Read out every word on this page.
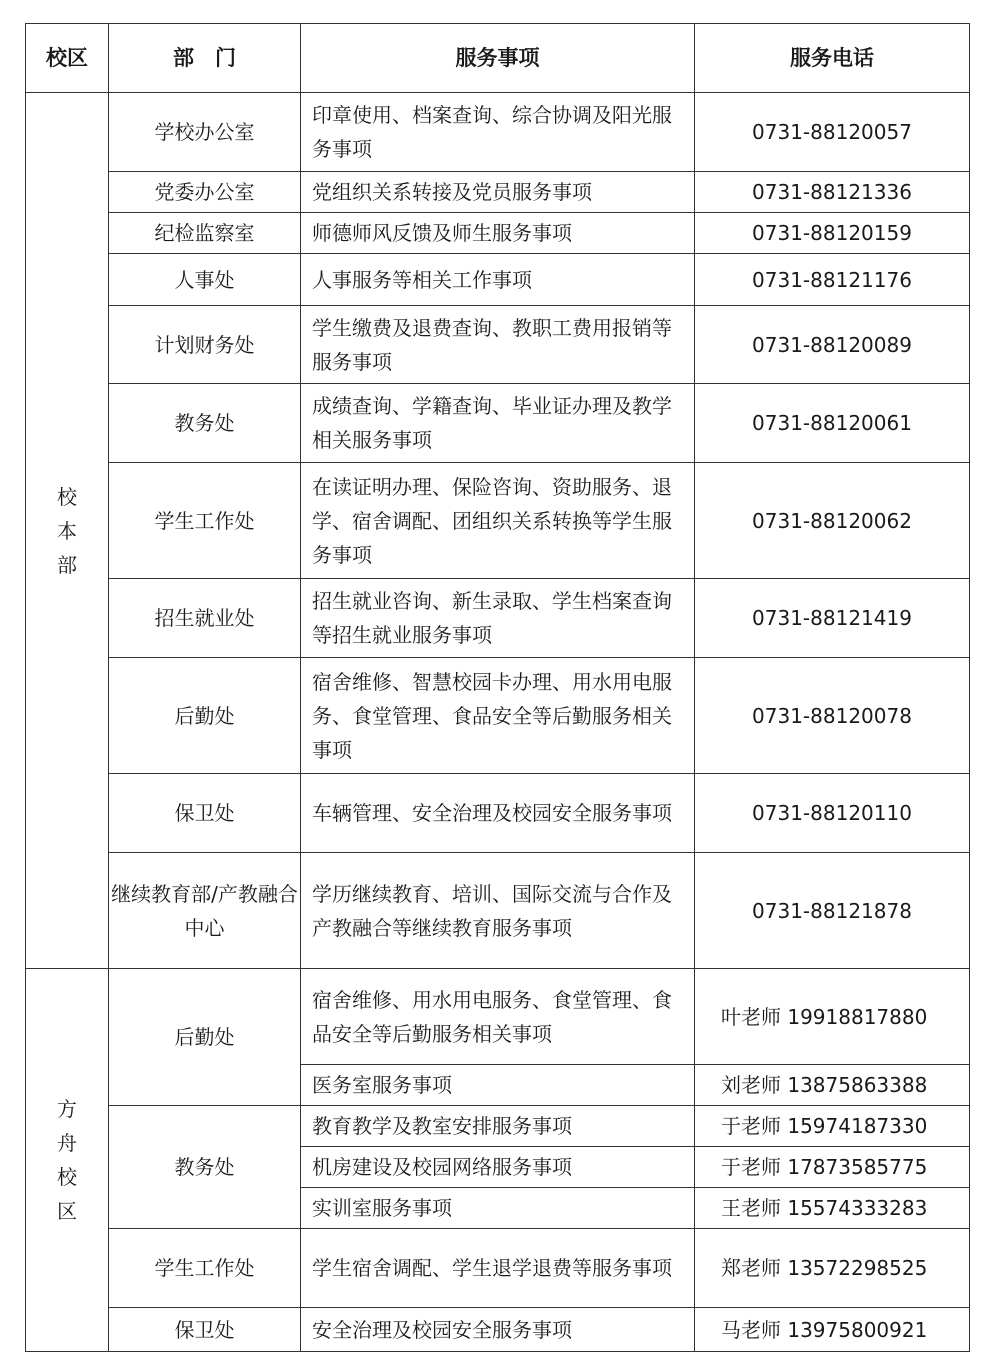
校区	部　门	服务事项	服务电话
校本部	学校办公室	印章使用、档案查询、综合协调及阳光服务事项	0731-88120057
	党委办公室	党组织关系转接及党员服务事项	0731-88121336
	纪检监察室	师德师风反馈及师生服务事项	0731-88120159
	人事处	人事服务等相关工作事项	0731-88121176
	计划财务处	学生缴费及退费查询、教职工费用报销等服务事项	0731-88120089
	教务处	成绩查询、学籍查询、毕业证办理及教学相关服务事项	0731-88120061
	学生工作处	在读证明办理、保险咨询、资助服务、退学、宿舍调配、团组织关系转换等学生服务事项	0731-88120062
	招生就业处	招生就业咨询、新生录取、学生档案查询等招生就业服务事项	0731-88121419
	后勤处	宿舍维修、智慧校园卡办理、用水用电服务、食堂管理、食品安全等后勤服务相关事项	0731-88120078
	保卫处	车辆管理、安全治理及校园安全服务事项	0731-88120110
	继续教育部/产教融合中心	学历继续教育、培训、国际交流与合作及产教融合等继续教育服务事项	0731-88121878
方舟校区	后勤处	宿舍维修、用水用电服务、食堂管理、食品安全等后勤服务相关事项	叶老师 19918817880
		医务室服务事项	刘老师 13875863388
	教务处	教育教学及教室安排服务事项	于老师 15974187330
		机房建设及校园网络服务事项	于老师 17873585775
		实训室服务事项	王老师 15574333283
	学生工作处	学生宿舍调配、学生退学退费等服务事项	郑老师 13572298525
	保卫处	安全治理及校园安全服务事项	马老师 13975800921
